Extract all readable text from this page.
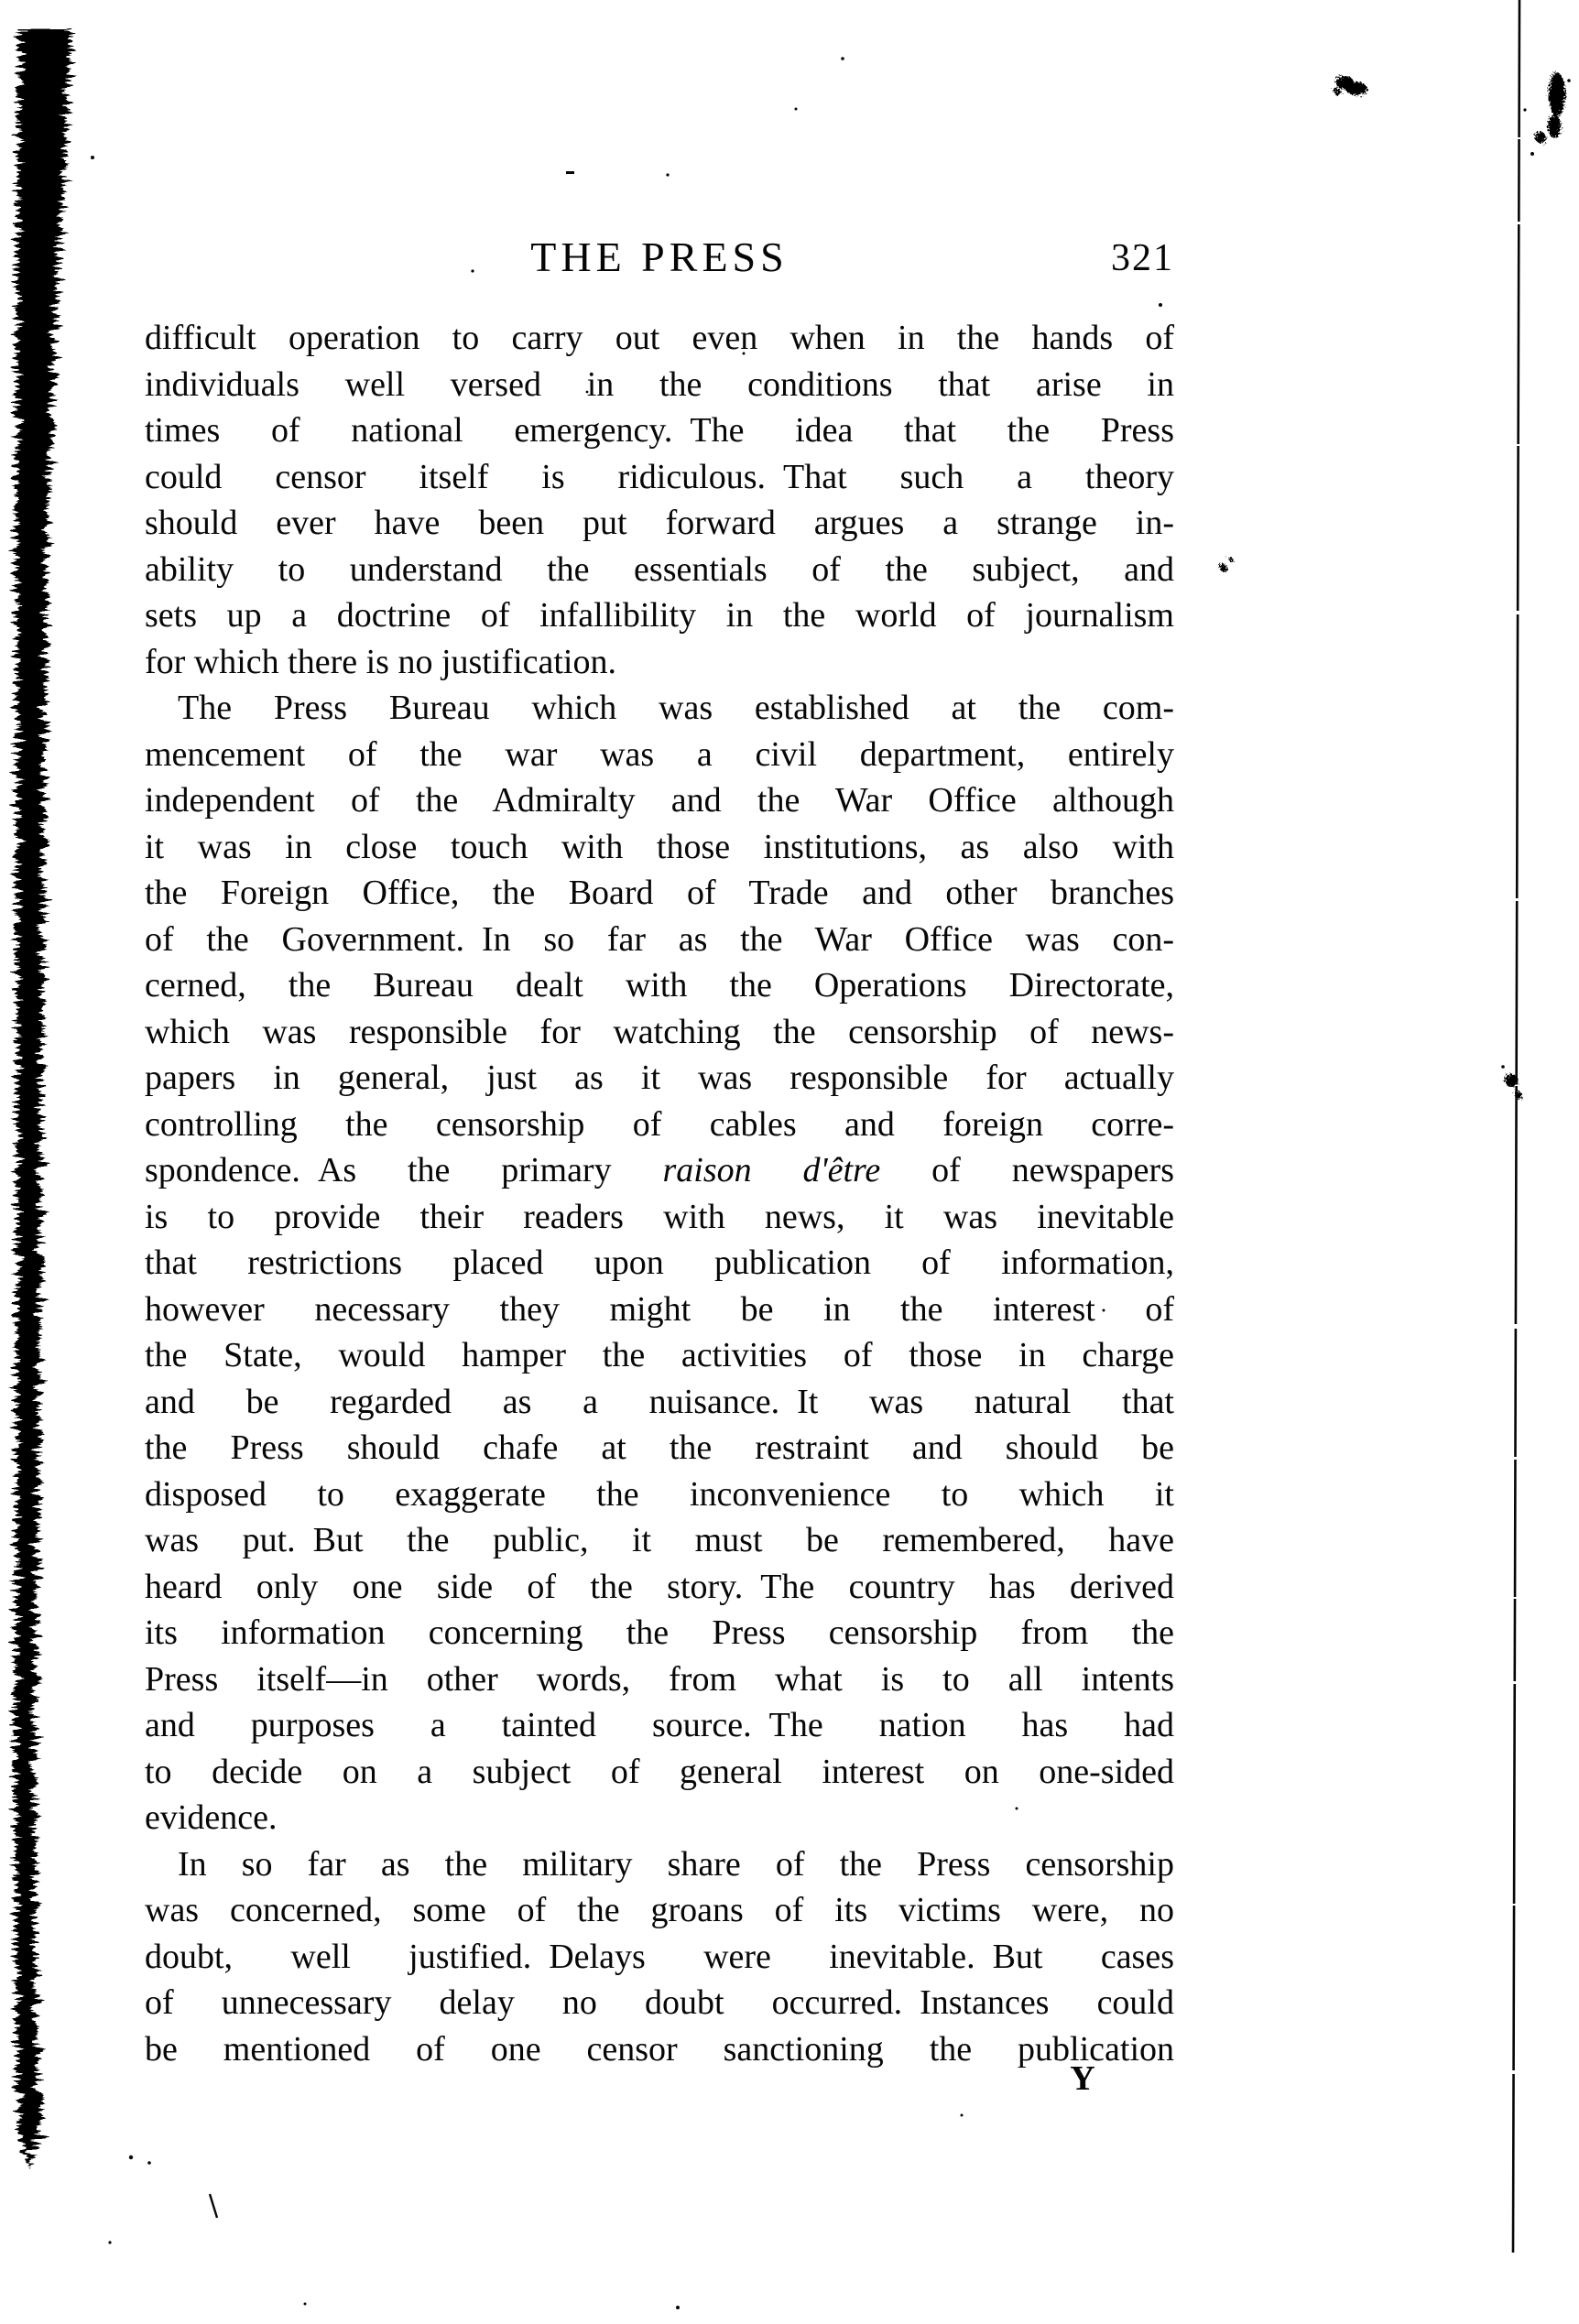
THE PRESS	321
difficult operation to carry out even when in the hands of
individuals well versed in the conditions that arise in
times of national emergency. The idea that the Press
could censor itself is ridiculous. That such a theory
should ever have been put forward argues a strange in-
ability to understand the essentials of the subject, and
sets up a doctrine of infallibility in the world of journalism
for which there is no justification.
The Press Bureau which was established at the com-
mencement of the war was a civil department, entirely
independent of the Admiralty and the War Office although
it was in close touch with those institutions, as also with
the Foreign Office, the Board of Trade and other branches
of the Government. In so far as the War Office was con-
cerned, the Bureau dealt with the Operations Directorate,
which was responsible for watching the censorship of news-
papers in general, just as it was responsible for actually
controlling the censorship of cables and foreign corre-
spondence. As the primary raison d'être of newspapers
is to provide their readers with news, it was inevitable
that restrictions placed upon publication of information,
however necessary they might be in the interest of
the State, would hamper the activities of those in charge
and be regarded as a nuisance. It was natural that
the Press should chafe at the restraint and should be
disposed to exaggerate the inconvenience to which it
was put. But the public, it must be remembered, have
heard only one side of the story. The country has derived
its information concerning the Press censorship from the
Press itself—in other words, from what is to all intents
and purposes a tainted source. The nation has had
to decide on a subject of general interest on one-sided
evidence.
In so far as the military share of the Press censorship
was concerned, some of the groans of its victims were, no
doubt, well justified. Delays were inevitable. But cases
of unnecessary delay no doubt occurred. Instances could
be mentioned of one censor sanctioning the publication
Y
